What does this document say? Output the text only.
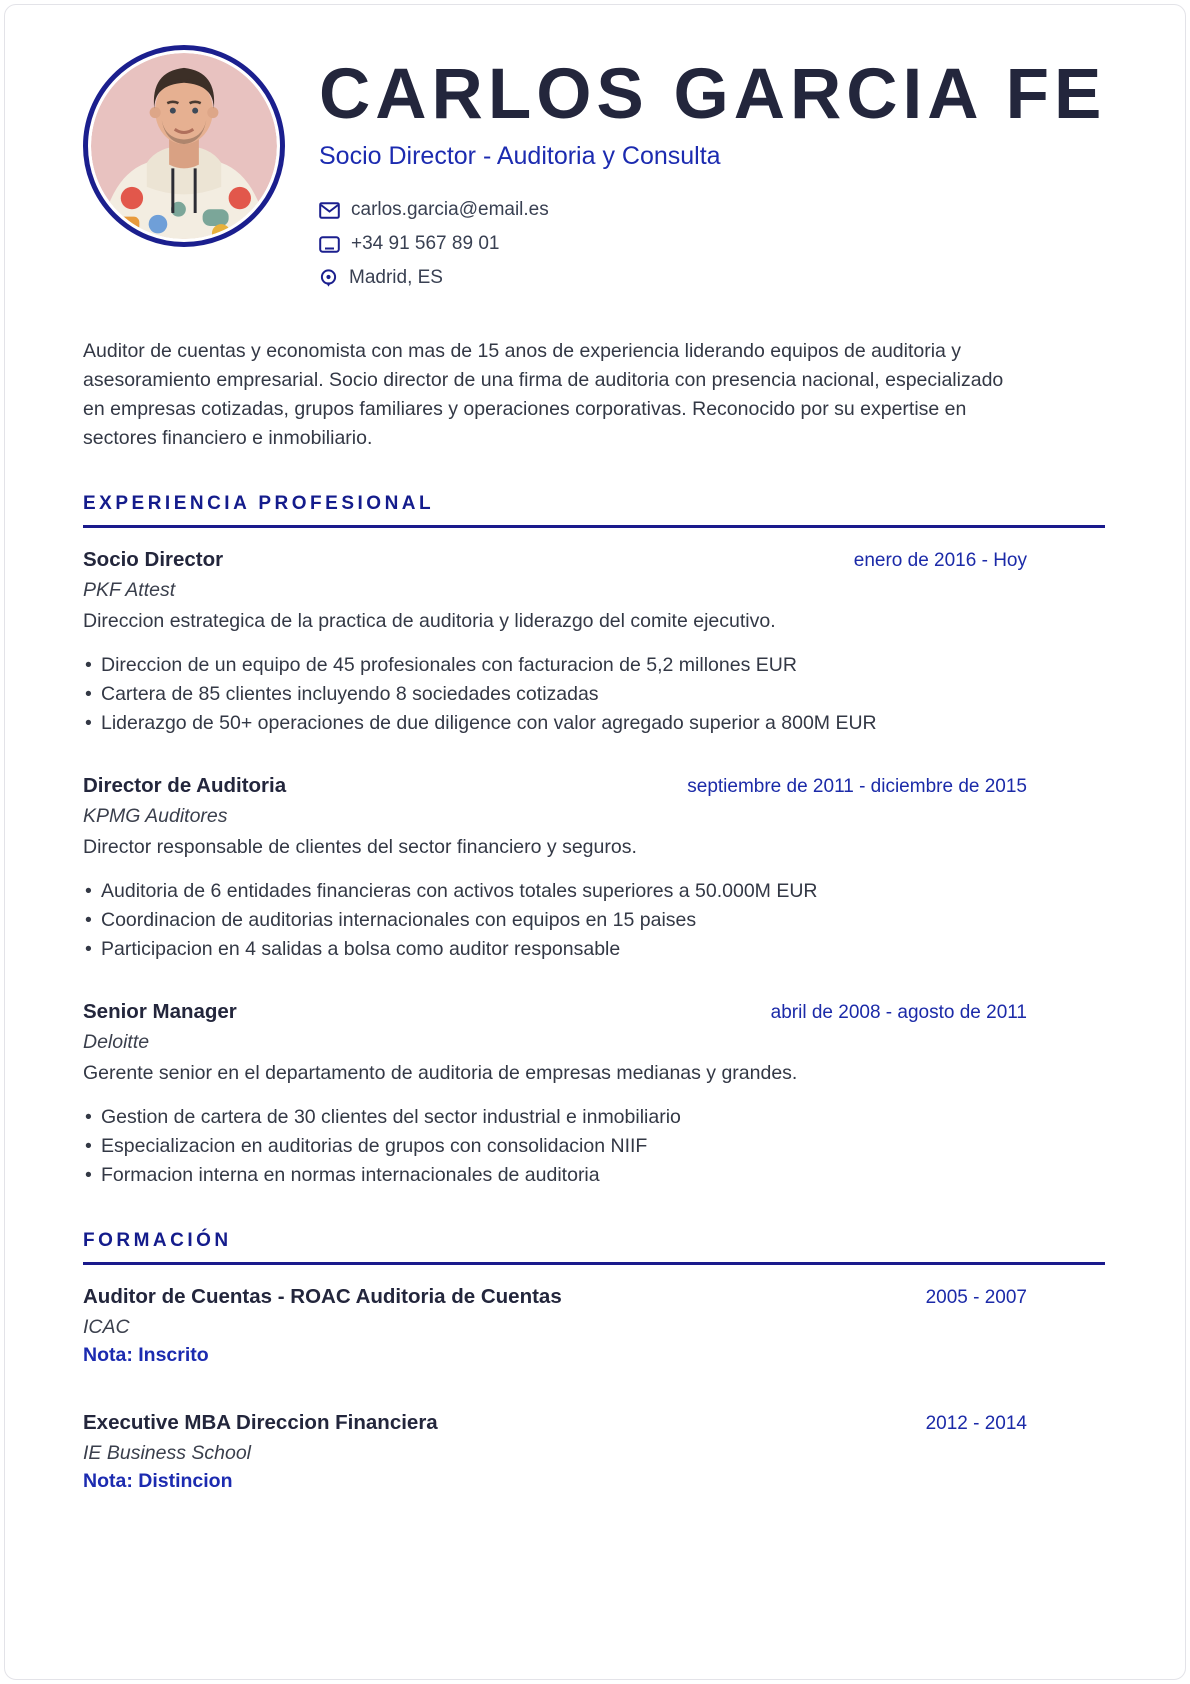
CARLOS GARCIA FE
Socio Director - Auditoria y Consulta
carlos.garcia@email.es
+34 91 567 89 01
Madrid, ES

Auditor de cuentas y economista con mas de 15 anos de experiencia liderando equipos de auditoria y asesoramiento empresarial. Socio director de una firma de auditoria con presencia nacional, especializado en empresas cotizadas, grupos familiares y operaciones corporativas. Reconocido por su expertise en sectores financiero e inmobiliario.

EXPERIENCIA PROFESIONAL
Socio Director	enero de 2016 - Hoy
PKF Attest
Direccion estrategica de la practica de auditoria y liderazgo del comite ejecutivo.
• Direccion de un equipo de 45 profesionales con facturacion de 5,2 millones EUR
• Cartera de 85 clientes incluyendo 8 sociedades cotizadas
• Liderazgo de 50+ operaciones de due diligence con valor agregado superior a 800M EUR
Director de Auditoria	septiembre de 2011 - diciembre de 2015
KPMG Auditores
Director responsable de clientes del sector financiero y seguros.
• Auditoria de 6 entidades financieras con activos totales superiores a 50.000M EUR
• Coordinacion de auditorias internacionales con equipos en 15 paises
• Participacion en 4 salidas a bolsa como auditor responsable
Senior Manager	abril de 2008 - agosto de 2011
Deloitte
Gerente senior en el departamento de auditoria de empresas medianas y grandes.
• Gestion de cartera de 30 clientes del sector industrial e inmobiliario
• Especializacion en auditorias de grupos con consolidacion NIIF
• Formacion interna en normas internacionales de auditoria
FORMACIÓN
Auditor de Cuentas - ROAC Auditoria de Cuentas	2005 - 2007
ICAC
Nota: Inscrito
Executive MBA Direccion Financiera	2012 - 2014
IE Business School
Nota: Distincion
